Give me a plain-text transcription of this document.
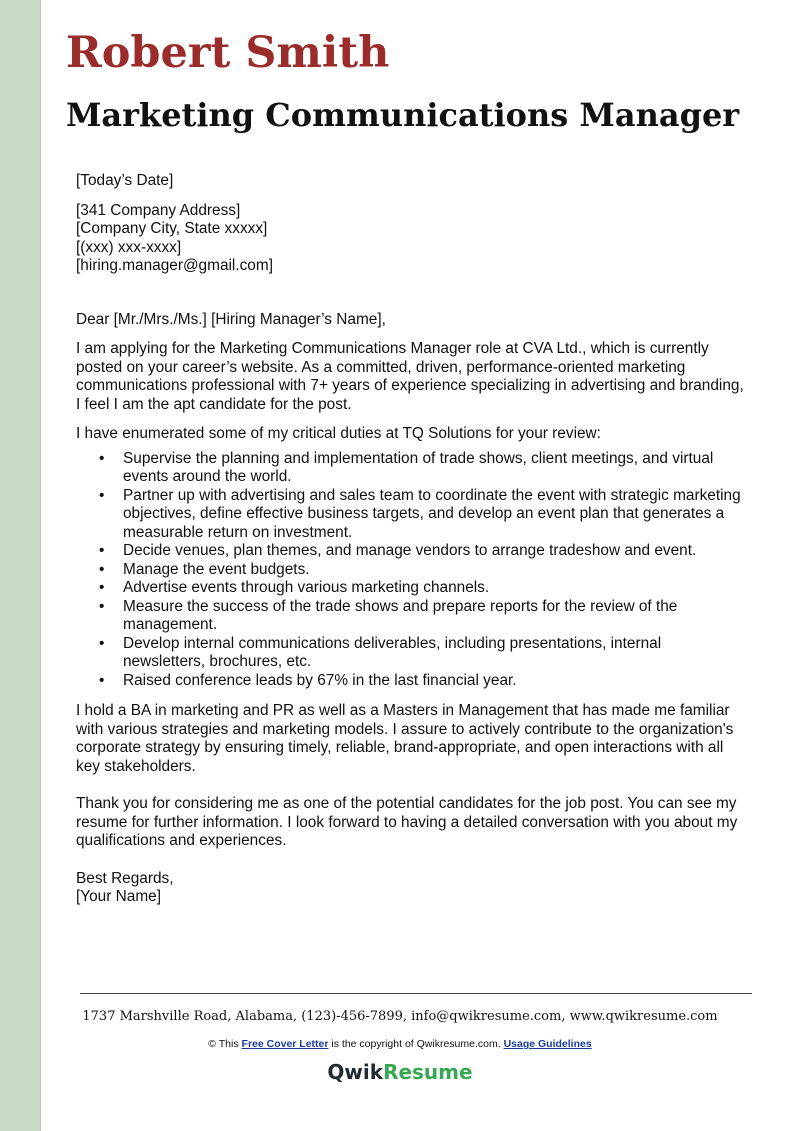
Robert Smith
Marketing Communications Manager

[Today’s Date]

[341 Company Address]

[Company City, State xxxxx]

[(xxx) xxx-xxxx]

[hiring.manager@gmail.com]

Dear [Mr./Mrs./Ms.] [Hiring Manager’s Name],

I am applying for the Marketing Communications Manager role at CVA Ltd., which is currently posted on your career’s website. As a committed, driven, performance-oriented marketing communications professional with 7+ years of experience specializing in advertising and branding, I feel I am the apt candidate for the post.

I have enumerated some of my critical duties at TQ Solutions for your review:

• Supervise the planning and implementation of trade shows, client meetings, and virtual events around the world.
• Partner up with advertising and sales team to coordinate the event with strategic marketing objectives, define effective business targets, and develop an event plan that generates a measurable return on investment.
• Decide venues, plan themes, and manage vendors to arrange tradeshow and event.
• Manage the event budgets.
• Advertise events through various marketing channels.
• Measure the success of the trade shows and prepare reports for the review of the management.
• Develop internal communications deliverables, including presentations, internal newsletters, brochures, etc.
• Raised conference leads by 67% in the last financial year.

I hold a BA in marketing and PR as well as a Masters in Management that has made me familiar with various strategies and marketing models. I assure to actively contribute to the organization's corporate strategy by ensuring timely, reliable, brand-appropriate, and open interactions with all key stakeholders.

Thank you for considering me as one of the potential candidates for the job post. You can see my resume for further information. I look forward to having a detailed conversation with you about my qualifications and experiences.

Best Regards,

[Your Name]

1737 Marshville Road, Alabama, (123)-456-7899, info@qwikresume.com, www.qwikresume.com
© This Free Cover Letter is the copyright of Qwikresume.com. Usage Guidelines
QwikResume
